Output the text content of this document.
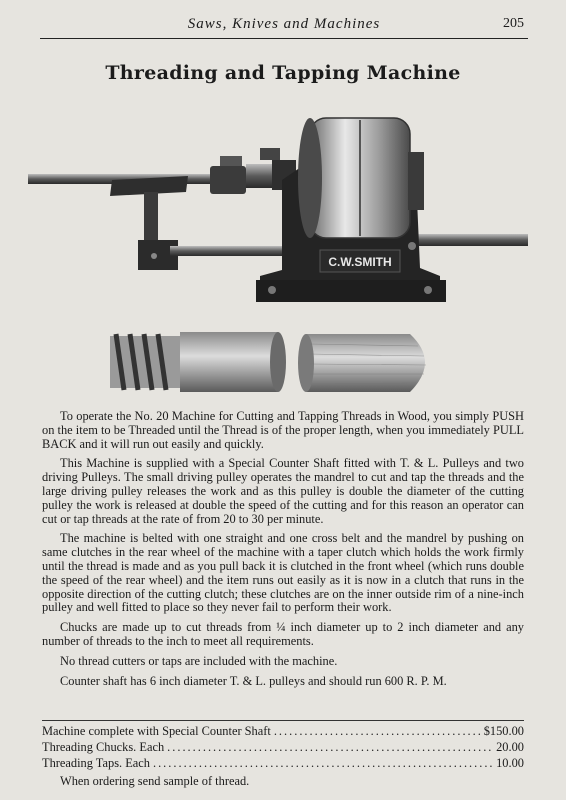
Saws, Knives and Machines	205
Threading and Tapping Machine
C.W.SMITH

To operate the No. 20 Machine for Cutting and Tapping Threads in Wood, you simply PUSH on the item to be Threaded until the Thread is of the proper length, when you immediately PULL BACK and it will run out easily and quickly.

This Machine is supplied with a Special Counter Shaft fitted with T. & L. Pulleys and two driving Pulleys. The small driving pulley operates the mandrel to cut and tap the threads and the large driving pulley releases the work and as this pulley is double the diameter of the cutting pulley the work is released at double the speed of the cutting and for this reason an operator can cut or tap threads at the rate of from 20 to 30 per minute.

The machine is belted with one straight and one cross belt and the mandrel by pushing on same clutches in the rear wheel of the machine with a taper clutch which holds the work firmly until the thread is made and as you pull back it is clutched in the front wheel (which runs double the speed of the rear wheel) and the item runs out easily as it is now in a clutch that runs in the opposite direction of the cutting clutch; these clutches are on the inner outside rim of a nine-inch pulley and well fitted to place so they never fail to perform their work.

Chucks are made up to cut threads from ¼ inch diameter up to 2 inch diameter and any number of threads to the inch to meet all requirements.

No thread cutters or taps are included with the machine.

Counter shaft has 6 inch diameter T. & L. pulleys and should run 600 R. P. M.

Machine complete with Special Counter Shaft .....	$150.00
Threading Chucks. Each .....	20.00
Threading Taps. Each .....	10.00
When ordering send sample of thread.
